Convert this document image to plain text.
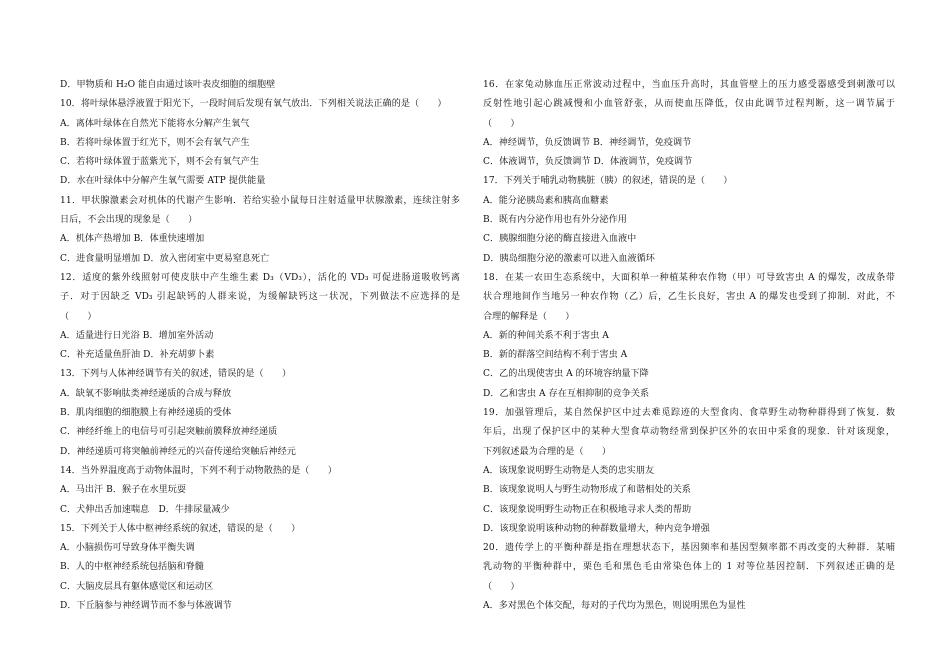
D．甲物质和 H₂O 能自由通过该叶表皮细胞的细胞壁
10．将叶绿体悬浮液置于阳光下，一段时间后发现有氧气放出．下列相关说法正确的是（　　）
A．离体叶绿体在自然光下能将水分解产生氧气
B．若将叶绿体置于红光下，则不会有氧气产生
C．若将叶绿体置于蓝紫光下，则不会有氧气产生
D．水在叶绿体中分解产生氧气需要 ATP 提供能量
11．甲状腺激素会对机体的代谢产生影响．若给实验小鼠每日注射适量甲状腺激素，连续注射多
日后，不会出现的现象是（　　）
A．机体产热增加 B．体重快速增加
C．进食量明显增加 D．放入密闭室中更易窒息死亡
12．适度的紫外线照射可使皮肤中产生维生素 D₃（VD₃），活化的 VD₃ 可促进肠道吸收钙离
子．对于因缺乏 VD₃ 引起缺钙的人群来说，为缓解缺钙这一状况，下列做法不应选择的是
（　　）
A．适量进行日光浴 B．增加室外活动
C．补充适量鱼肝油 D．补充胡萝卜素
13．下列与人体神经调节有关的叙述，错误的是（　　）
A．缺氧不影响肽类神经递质的合成与释放
B．肌肉细胞的细胞膜上有神经递质的受体
C．神经纤维上的电信号可引起突触前膜释放神经递质
D．神经递质可将突触前神经元的兴奋传递给突触后神经元
14．当外界温度高于动物体温时，下列不利于动物散热的是（　　）
A．马出汗 B．猴子在水里玩耍
C．犬伸出舌加速喘息　D．牛排尿量减少
15．下列关于人体中枢神经系统的叙述，错误的是（　　）
A．小脑损伤可导致身体平衡失调
B．人的中枢神经系统包括脑和脊髓
C．大脑皮层具有躯体感觉区和运动区
D．下丘脑参与神经调节而不参与体液调节
16．在家兔动脉血压正常波动过程中，当血压升高时，其血管壁上的压力感受器感受到刺激可以
反射性地引起心跳减慢和小血管舒张，从而使血压降低，仅由此调节过程判断，这一调节属于
（　　）
A．神经调节，负反馈调节 B．神经调节，免疫调节
C．体液调节，负反馈调节 D．体液调节，免疫调节
17．下列关于哺乳动物胰脏（胰）的叙述，错误的是（　　）
A．能分泌胰岛素和胰高血糖素
B．既有内分泌作用也有外分泌作用
C．胰腺细胞分泌的酶直接进入血液中
D．胰岛细胞分泌的激素可以进入血液循环
18．在某一农田生态系统中，大面积单一种植某种农作物（甲）可导致害虫 A 的爆发，改成条带
状合理地间作当地另一种农作物（乙）后，乙生长良好，害虫 A 的爆发也受到了抑制．对此，不
合理的解释是（　　）
A．新的种间关系不利于害虫 A
B．新的群落空间结构不利于害虫 A
C．乙的出现使害虫 A 的环境容纳量下降
D．乙和害虫 A 存在互相抑制的竞争关系
19．加强管理后，某自然保护区中过去难觅踪迹的大型食肉、食草野生动物种群得到了恢复．数
年后，出现了保护区中的某种大型食草动物经常到保护区外的农田中采食的现象．针对该现象，
下列叙述最为合理的是（　　）
A．该现象说明野生动物是人类的忠实朋友
B．该现象说明人与野生动物形成了和谐相处的关系
C．该现象说明野生动物正在积极地寻求人类的帮助
D．该现象说明该种动物的种群数量增大，种内竞争增强
20．遗传学上的平衡种群是指在理想状态下，基因频率和基因型频率都不再改变的大种群．某哺
乳动物的平衡种群中，栗色毛和黑色毛由常染色体上的 1 对等位基因控制．下列叙述正确的是
（　　）
A．多对黑色个体交配，每对的子代均为黑色，则说明黑色为显性
